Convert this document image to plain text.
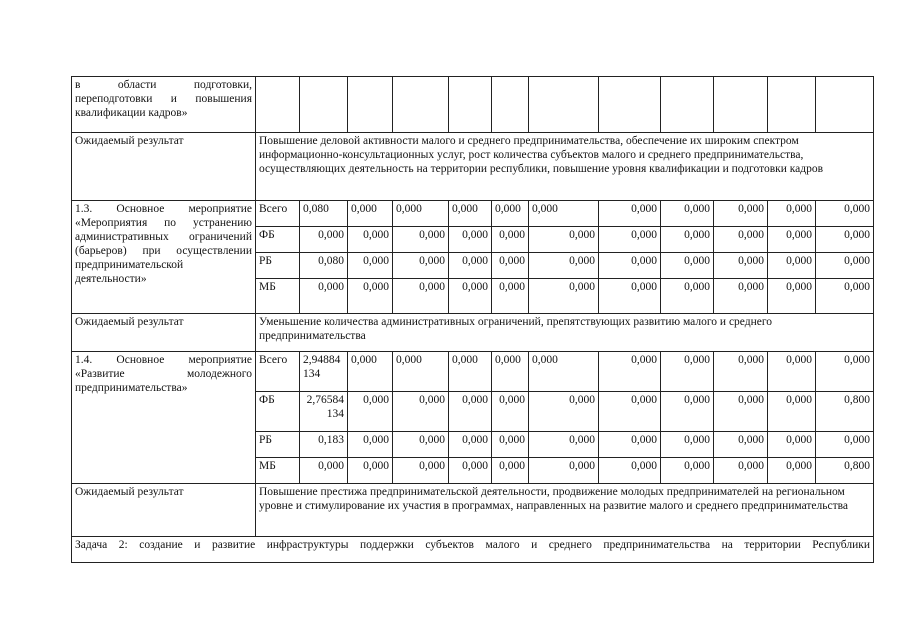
в области подготовки, переподготовки и повышения квалификации кадров»												
Ожидаемый результат	Повышение деловой активности малого и среднего предпринимательства, обеспечение их широким спектром информационно-консультационных услуг, рост количества субъектов малого и среднего предпринимательства, осуществляющих деятельность на территории республики, повышение уровня квалификации и подготовки кадров											
1.3. Основное мероприятие «Мероприятия по устранению административных ограничений (барьеров) при осуществлении предпринимательской деятельности»	Всего	0,080	0,000	0,000	0,000	0,000	0,000	0,000	0,000	0,000	0,000	0,000
	ФБ	0,000	0,000	0,000	0,000	0,000	0,000	0,000	0,000	0,000	0,000	0,000
	РБ	0,080	0,000	0,000	0,000	0,000	0,000	0,000	0,000	0,000	0,000	0,000
	МБ	0,000	0,000	0,000	0,000	0,000	0,000	0,000	0,000	0,000	0,000	0,000
Ожидаемый результат	Уменьшение количества административных ограничений, препятствующих развитию малого и среднего предпринимательства											
1.4. Основное мероприятие «Развитие молодежного предпринимательства»	Всего	2,94884134	0,000	0,000	0,000	0,000	0,000	0,000	0,000	0,000	0,000	0,000
	ФБ	2,76584134	0,000	0,000	0,000	0,000	0,000	0,000	0,000	0,000	0,000	0,800
	РБ	0,183	0,000	0,000	0,000	0,000	0,000	0,000	0,000	0,000	0,000	0,000
	МБ	0,000	0,000	0,000	0,000	0,000	0,000	0,000	0,000	0,000	0,000	0,800
Ожидаемый результат	Повышение престижа предпринимательской деятельности, продвижение молодых предпринимателей на региональном уровне и стимулирование их участия в программах, направленных на развитие малого и среднего предпринимательства											
Задача 2: создание и развитие инфраструктуры поддержки субъектов малого и среднего предпринимательства на территории Республики												
